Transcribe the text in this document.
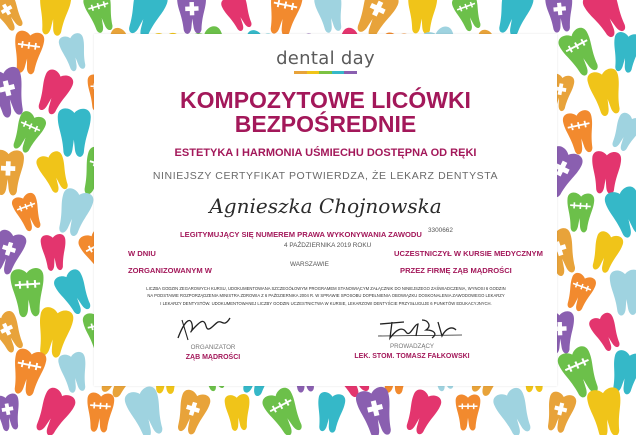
dental day
KOMPOZYTOWE LICÓWKI
BEZPOŚREDNIE
ESTETYKA I HARMONIA UŚMIECHU DOSTĘPNA OD RĘKI
NINIEJSZY CERTYFIKAT POTWIERDZA, ŻE LEKARZ DENTYSTA
Agnieszka Chojnowska
LEGITYMUJĄCY SIĘ NUMEREM PRAWA WYKONYWANIA ZAWODU 3300662
4 PAŹDZIERNIKA 2019 ROKU
W DNIU	UCZESTNICZYŁ W KURSIE MEDYCZNYM
WARSZAWIE
ZORGANIZOWANYM W	PRZEZ FIRMĘ ZĄB MĄDROŚCI
LICZBA GODZIN ZEGAROWYCH KURSU, UDOKUMENTOWANA SZCZEGÓŁOWYM PROGRAMEM STANOWIĄCYM ZAŁĄCZNIK DO NINIEJSZEGO ZAŚWIADCZENIA, WYNOSI 6 GODZIN
NA PODSTAWIE ROZPORZĄDZENIA MINISTRA ZDROWIA Z 6 PAŹDZIERNIKA 2004 R. W SPRAWIE SPOSOBU DOPEŁNIENIA OBOWIĄZKU DOSKONALENIA ZAWODOWEGO LEKARZY
I LEKARZY DENTYSTÓW. UDOKUMENTOWANEJ LICZBY GODZIN UCZESTNICTWA W KURSIE, LEKARZOWI DENTYŚCIE PRZYSŁUGUJE 6 PUNKTÓW EDUKACYJNYCH.
ORGANIZATOR
ZĄB MĄDROŚCI
PROWADZĄCY
LEK. STOM. TOMASZ FAŁKOWSKI
